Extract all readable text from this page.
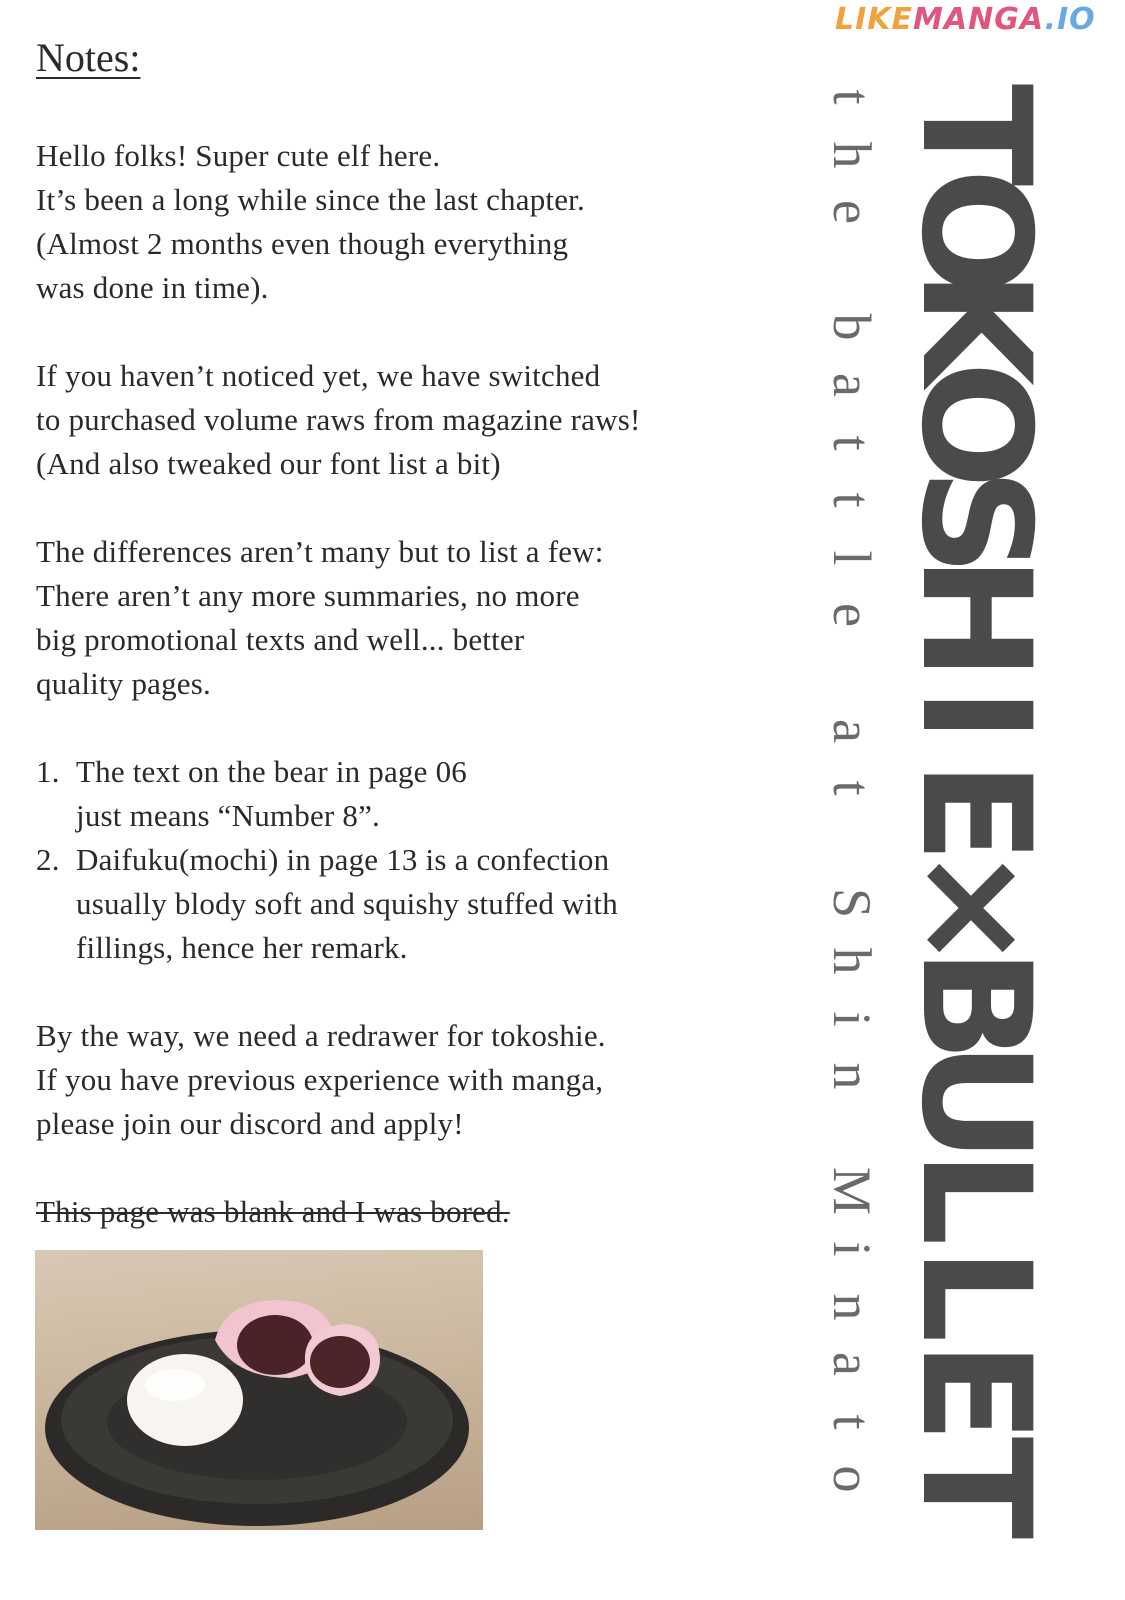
LIKEMANGA.IO
Notes:

Hello folks! Super cute elf here.
It’s been a long while since the last chapter.
(Almost 2 months even though everything
was done in time).

If you haven’t noticed yet, we have switched
to purchased volume raws from magazine raws!
(And also tweaked our font list a bit)

The differences aren’t many but to list a few:
There aren’t any more summaries, no more
big promotional texts and well... better
quality pages.

1. The text on the bear in page 06
just means “Number 8”.
2. Daifuku(mochi) in page 13 is a confection
usually blody soft and squishy stuffed with
fillings, hence her remark.

By the way, we need a redrawer for tokoshie.
If you have previous experience with manga,
please join our discord and apply!

This page was blank and I was bored.

t
h
e

b
a
t
t
l
e

a
t

S
h
i
n

M
i
n
a
t
o
T
O
K
O
S
H
I
E
×
B
U
L
L
E
T
